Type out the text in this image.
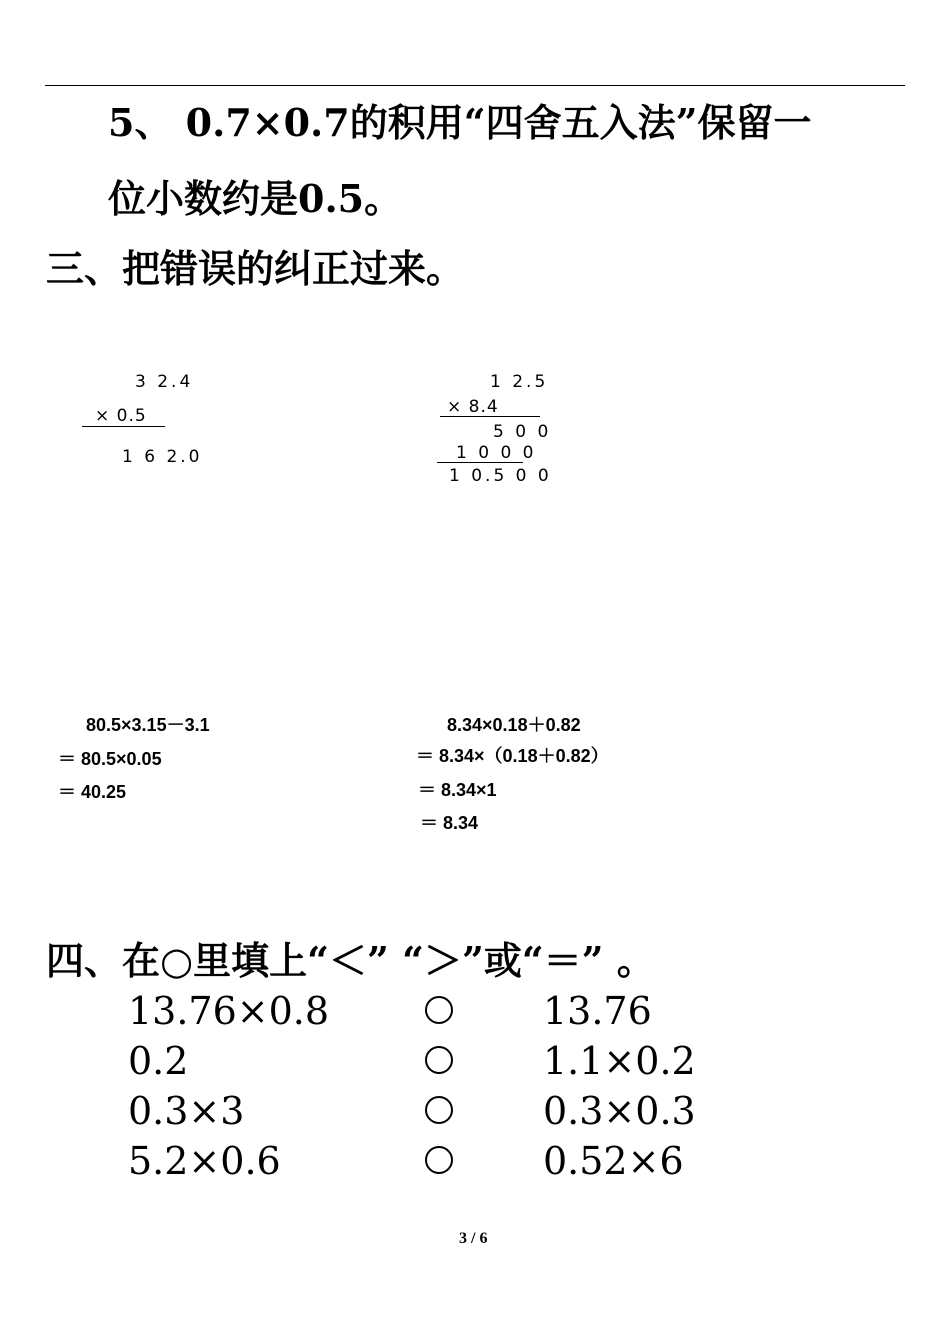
5、 0.7×0.7的积用“四舍五入法”保留一
位小数约是0.5。
三、把错误的纠正过来。
3 2.4
× 0.5
1 6 2.0
1 2.5
× 8.4
5 0 0
1 0 0 0
1 0.5 0 0
80.5×3.15－3.1
＝ 80.5×0.05
＝ 40.25
8.34×0.18＋0.82
＝ 8.34×（0.18＋0.82）
＝ 8.34×1
＝ 8.34
四、在○里填上“＜” “＞”或“＝” 。
13.76×0.8	13.76
0.2	1.1×0.2
0.3×3	0.3×0.3
5.2×0.6	0.52×6
3 / 6
